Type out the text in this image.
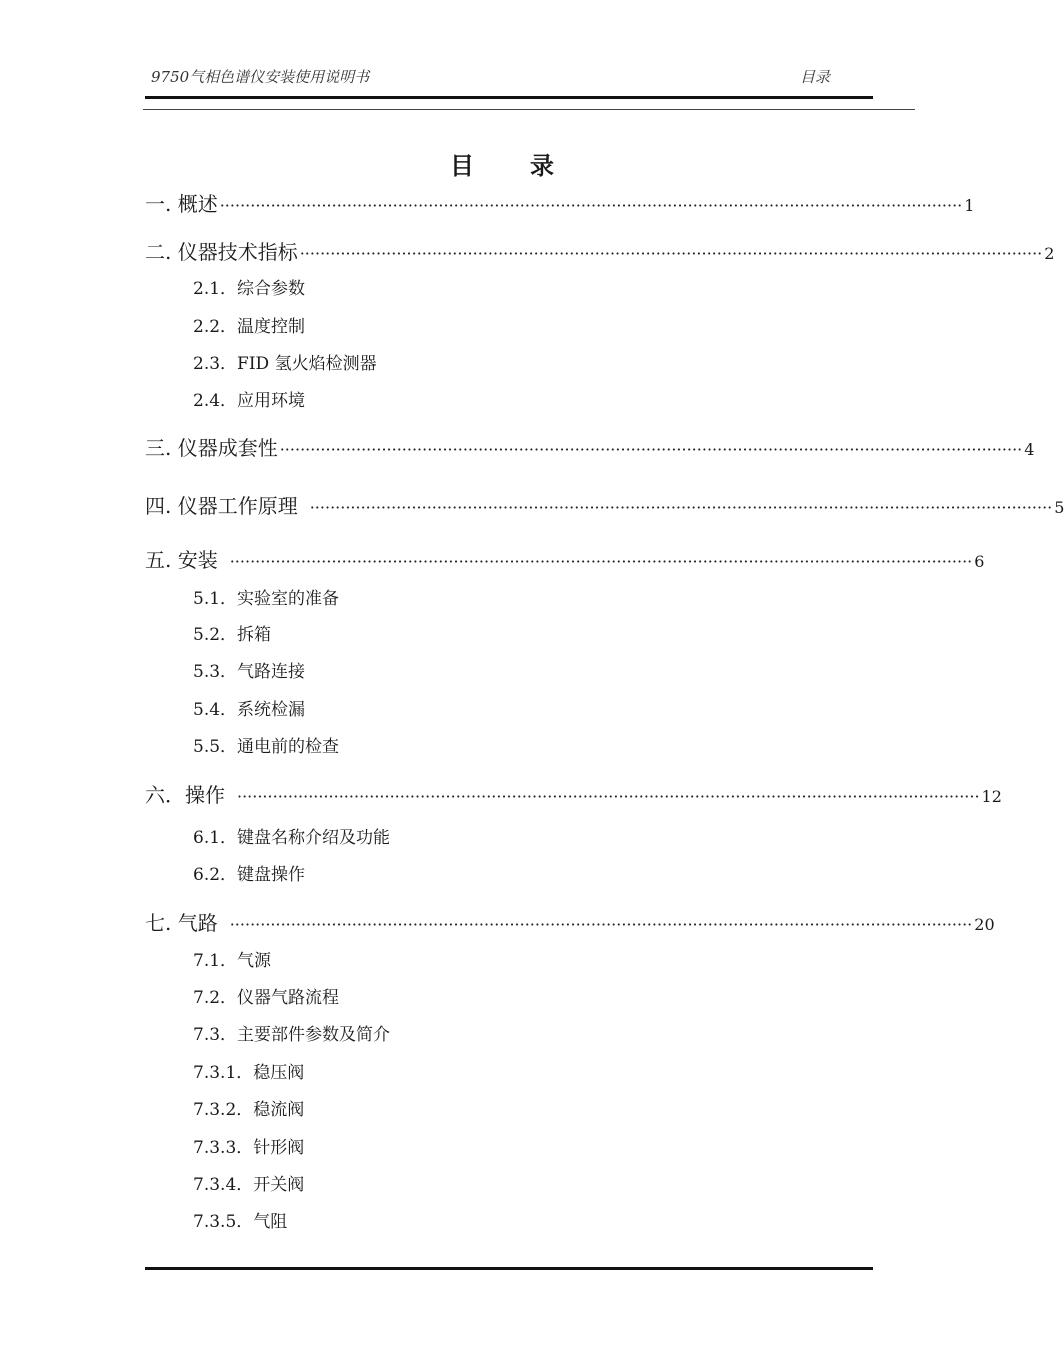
9750气相色谱仪安装使用说明书	目录
目录
一. 概述 ·················································································································································· 1
二. 仪器技术指标 ·················································································································································· 2
2.1．综合参数
2.2．温度控制
2.3．FID 氢火焰检测器
2.4．应用环境
三. 仪器成套性 ·················································································································································· 4
四. 仪器工作原理 ·················································································································································· 5
五. 安装 ·················································································································································· 6
5.1．实验室的准备
5.2．拆箱
5.3．气路连接
5.4．系统检漏
5.5．通电前的检查
六．操作 ·················································································································································· 12
6.1．键盘名称介绍及功能
6.2．键盘操作
七. 气路 ·················································································································································· 20
7.1．气源
7.2．仪器气路流程
7.3．主要部件参数及简介
7.3.1．稳压阀
7.3.2．稳流阀
7.3.3．针形阀
7.3.4．开关阀
7.3.5．气阻
